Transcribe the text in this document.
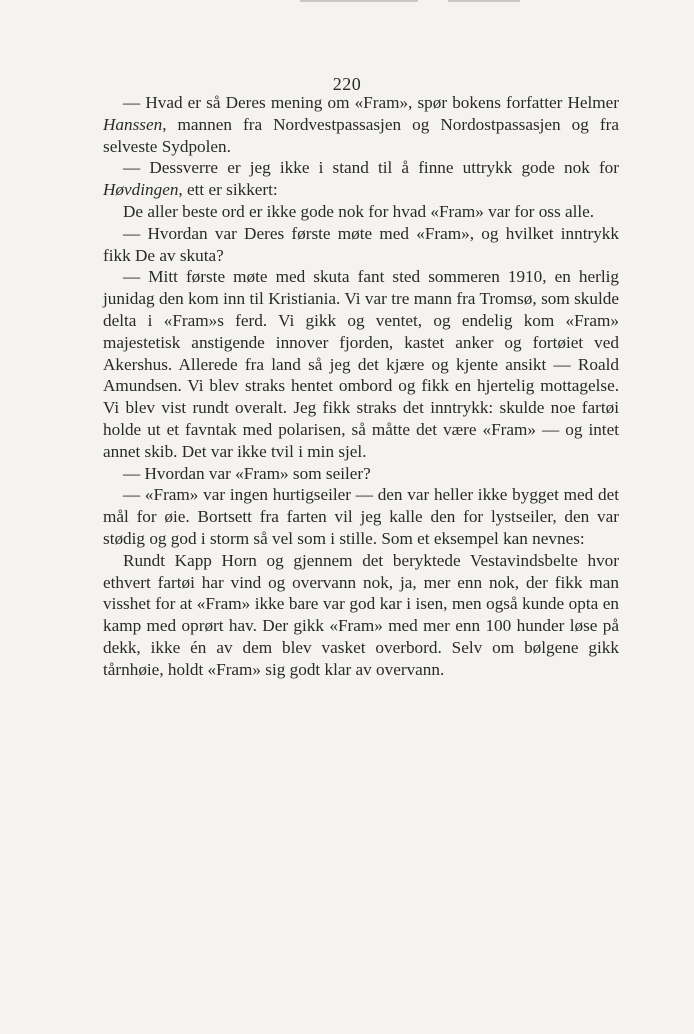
220

— Hvad er så Deres mening om «Fram», spør bokens forfatter Helmer Hanssen, mannen fra Nordvestpassasjen og Nordostpassasjen og fra selveste Sydpolen.

— Dessverre er jeg ikke i stand til å finne uttrykk gode nok for Høvdingen, ett er sikkert:

De aller beste ord er ikke gode nok for hvad «Fram» var for oss alle.

— Hvordan var Deres første møte med «Fram», og hvilket inntrykk fikk De av skuta?

— Mitt første møte med skuta fant sted sommeren 1910, en herlig junidag den kom inn til Kristiania. Vi var tre mann fra Tromsø, som skulde delta i «Fram»s ferd. Vi gikk og ventet, og endelig kom «Fram» majestetisk anstigende innover fjorden, kastet anker og fortøiet ved Akershus. Allerede fra land så jeg det kjære og kjente ansikt — Roald Amundsen. Vi blev straks hentet ombord og fikk en hjertelig mottagelse. Vi blev vist rundt overalt. Jeg fikk straks det inntrykk: skulde noe fartøi holde ut et favntak med polarisen, så måtte det være «Fram» — og intet annet skib. Det var ikke tvil i min sjel.

— Hvordan var «Fram» som seiler?

— «Fram» var ingen hurtigseiler — den var heller ikke bygget med det mål for øie. Bortsett fra farten vil jeg kalle den for lystseiler, den var stødig og god i storm så vel som i stille. Som et eksempel kan nevnes:

Rundt Kapp Horn og gjennem det beryktede Vestavindsbelte hvor ethvert fartøi har vind og overvann nok, ja, mer enn nok, der fikk man visshet for at «Fram» ikke bare var god kar i isen, men også kunde opta en kamp med oprørt hav. Der gikk «Fram» med mer enn 100 hunder løse på dekk, ikke én av dem blev vasket overbord. Selv om bølgene gikk tårnhøie, holdt «Fram» sig godt klar av overvann.
